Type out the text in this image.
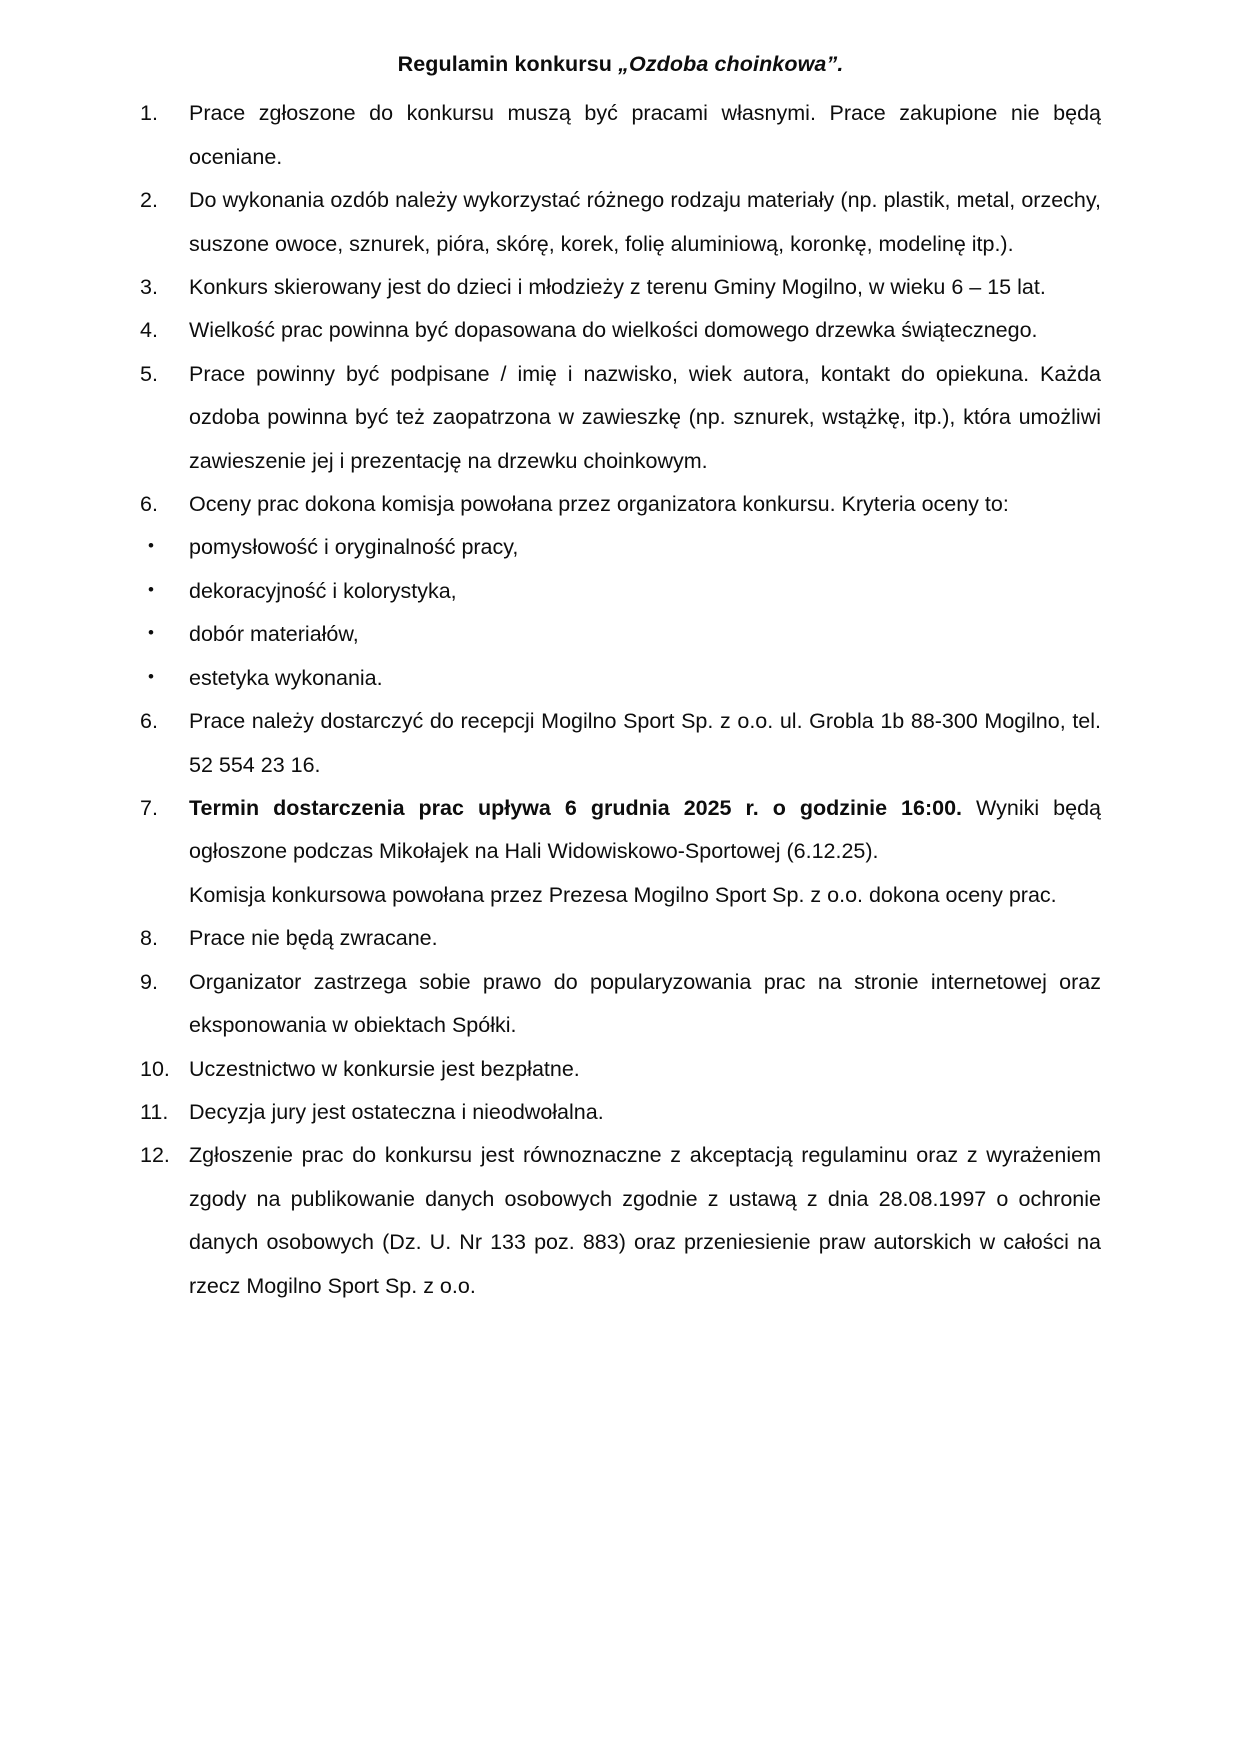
Regulamin konkursu „Ozdoba choinkowa”.
1.	Prace zgłoszone do konkursu muszą być pracami własnymi. Prace zakupione nie będą oceniane.
2.	Do wykonania ozdób należy wykorzystać różnego rodzaju materiały (np. plastik, metal, orzechy, suszone owoce, sznurek, pióra, skórę, korek, folię aluminiową, koronkę, modelinę itp.).
3.	Konkurs skierowany jest do dzieci i młodzieży z terenu Gminy Mogilno, w wieku 6 – 15 lat.
4.	Wielkość prac powinna być dopasowana do wielkości domowego drzewka świątecznego.
5.	Prace powinny być podpisane / imię i nazwisko, wiek autora, kontakt do opiekuna. Każda ozdoba powinna być też zaopatrzona w zawieszkę (np. sznurek, wstążkę, itp.), która umożliwi zawieszenie jej i prezentację na drzewku choinkowym.
6.	Oceny prac dokona komisja powołana przez organizatora konkursu. Kryteria oceny to:
• pomysłowość i oryginalność pracy,
• dekoracyjność i kolorystyka,
• dobór materiałów,
• estetyka wykonania.
6.	Prace należy dostarczyć do recepcji Mogilno Sport Sp. z o.o. ul. Grobla 1b 88-300 Mogilno, tel. 52 554 23 16.
7.	Termin dostarczenia prac upływa 6 grudnia 2025 r. o godzinie 16:00. Wyniki będą ogłoszone podczas Mikołajek na Hali Widowiskowo-Sportowej (6.12.25).
Komisja konkursowa powołana przez Prezesa Mogilno Sport Sp. z o.o. dokona oceny prac.
8.	Prace nie będą zwracane.
9.	Organizator zastrzega sobie prawo do popularyzowania prac na stronie internetowej oraz eksponowania w obiektach Spółki.
10. Uczestnictwo w konkursie jest bezpłatne.
11. Decyzja jury jest ostateczna i nieodwołalna.
12. Zgłoszenie prac do konkursu jest równoznaczne z akceptacją regulaminu oraz z wyrażeniem zgody na publikowanie danych osobowych zgodnie z ustawą z dnia 28.08.1997 o ochronie danych osobowych (Dz. U. Nr 133 poz. 883) oraz przeniesienie praw autorskich w całości na rzecz Mogilno Sport Sp. z o.o.
